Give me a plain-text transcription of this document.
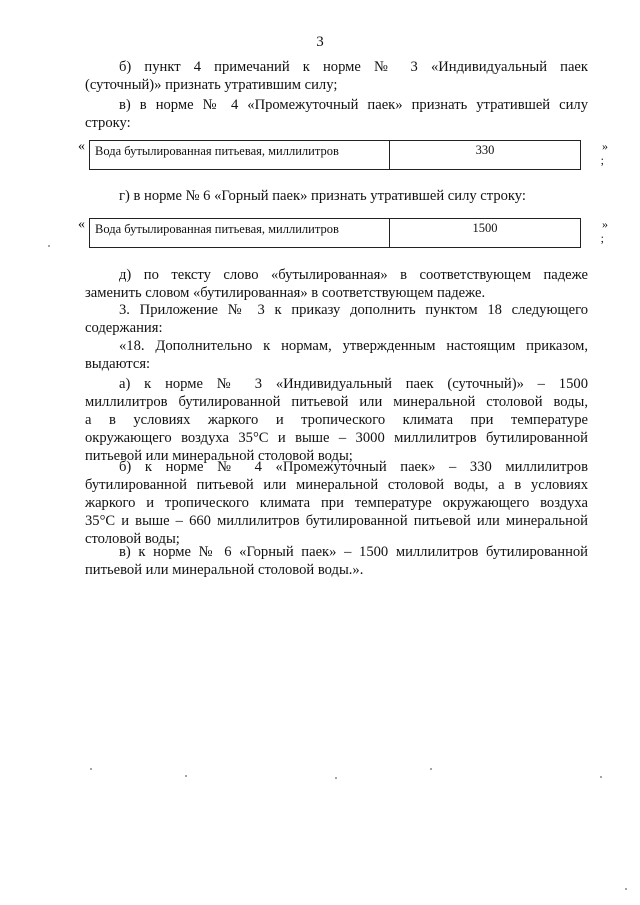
3

б) пункт 4 примечаний к норме № 3 «Индивидуальный паек

(суточный)» признать утратившим силу;

в) в норме № 4 «Промежуточный паек» признать утратившей силу

строку:

« Вода бутылированная питьевая, миллилитров	330	»
;

г) в норме № 6 «Горный паек» признать утратившей силу строку:

« Вода бутылированная питьевая, миллилитров	1500	»
;

д) по тексту слово «бутылированная» в соответствующем падеже

заменить словом «бутилированная» в соответствующем падеже.

3. Приложение № 3 к приказу дополнить пунктом 18 следующего

содержания:

«18. Дополнительно к нормам, утвержденным настоящим приказом,

выдаются:

а) к норме № 3 «Индивидуальный паек (суточный)» – 1500

миллилитров бутилированной питьевой или минеральной столовой воды,

а в условиях жаркого и тропического климата при температуре

окружающего воздуха 35°С и выше – 3000 миллилитров бутилированной

питьевой или минеральной столовой воды;

б) к норме № 4 «Промежуточный паек» – 330 миллилитров

бутилированной питьевой или минеральной столовой воды, а в условиях

жаркого и тропического климата при температуре окружающего воздуха

35°С и выше – 660 миллилитров бутилированной питьевой или минеральной

столовой воды;

в) к норме № 6 «Горный паек» – 1500 миллилитров бутилированной

питьевой или минеральной столовой воды.».
